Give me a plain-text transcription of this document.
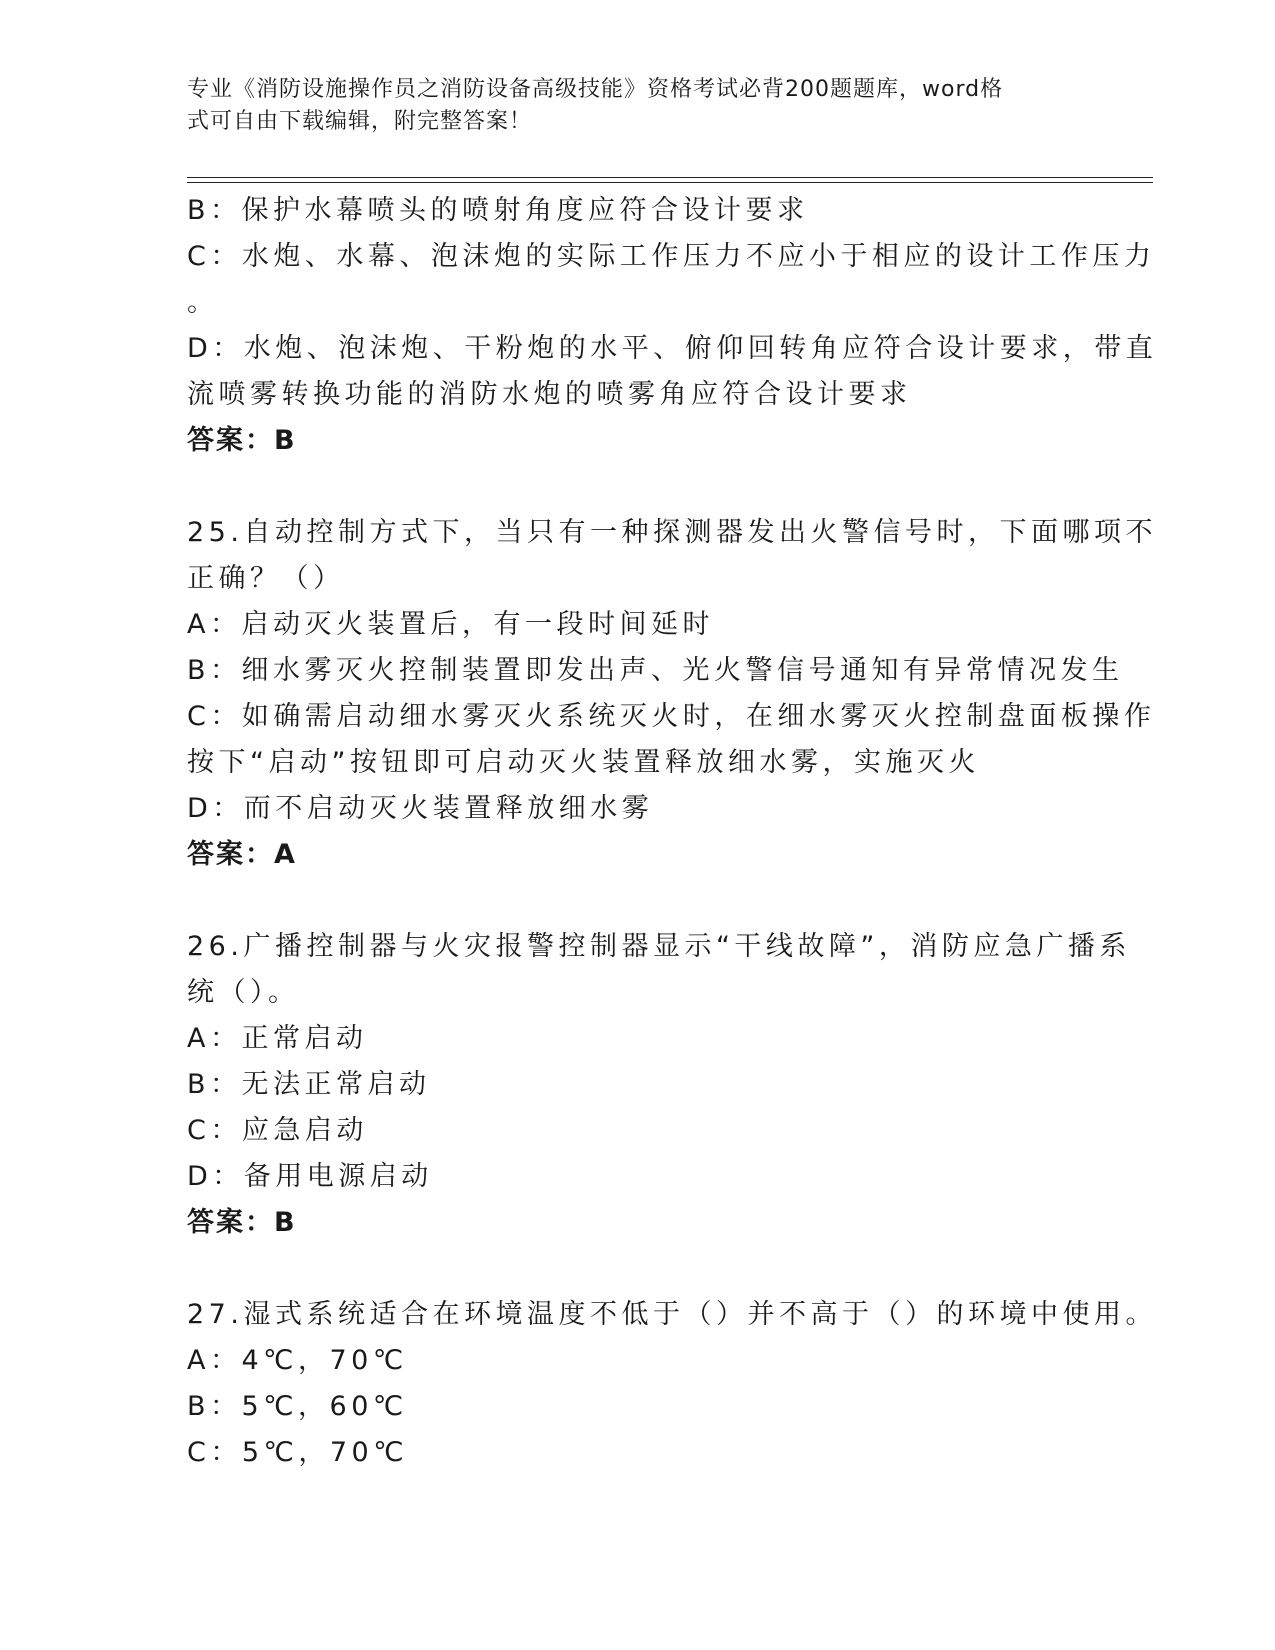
专业《消防设施操作员之消防设备高级技能》资格考试必背200题题库，word格
式可自由下载编辑，附完整答案！
B：保护水幕喷头的喷射角度应符合设计要求
C：水炮、水幕、泡沫炮的实际工作压力不应小于相应的设计工作压力
。
D：水炮、泡沫炮、干粉炮的水平、俯仰回转角应符合设计要求，带直
流喷雾转换功能的消防水炮的喷雾角应符合设计要求
答案：B
25.自动控制方式下，当只有一种探测器发出火警信号时，下面哪项不
正确？（）
A：启动灭火装置后，有一段时间延时
B：细水雾灭火控制装置即发出声、光火警信号通知有异常情况发生
C：如确需启动细水雾灭火系统灭火时，在细水雾灭火控制盘面板操作
按下“启动”按钮即可启动灭火装置释放细水雾，实施灭火
D：而不启动灭火装置释放细水雾
答案：A
26.广播控制器与火灾报警控制器显示“干线故障”，消防应急广播系
统（）。
A：正常启动
B：无法正常启动
C：应急启动
D：备用电源启动
答案：B
27.湿式系统适合在环境温度不低于（）并不高于（）的环境中使用。
A：4℃，70℃
B：5℃，60℃
C：5℃，70℃
